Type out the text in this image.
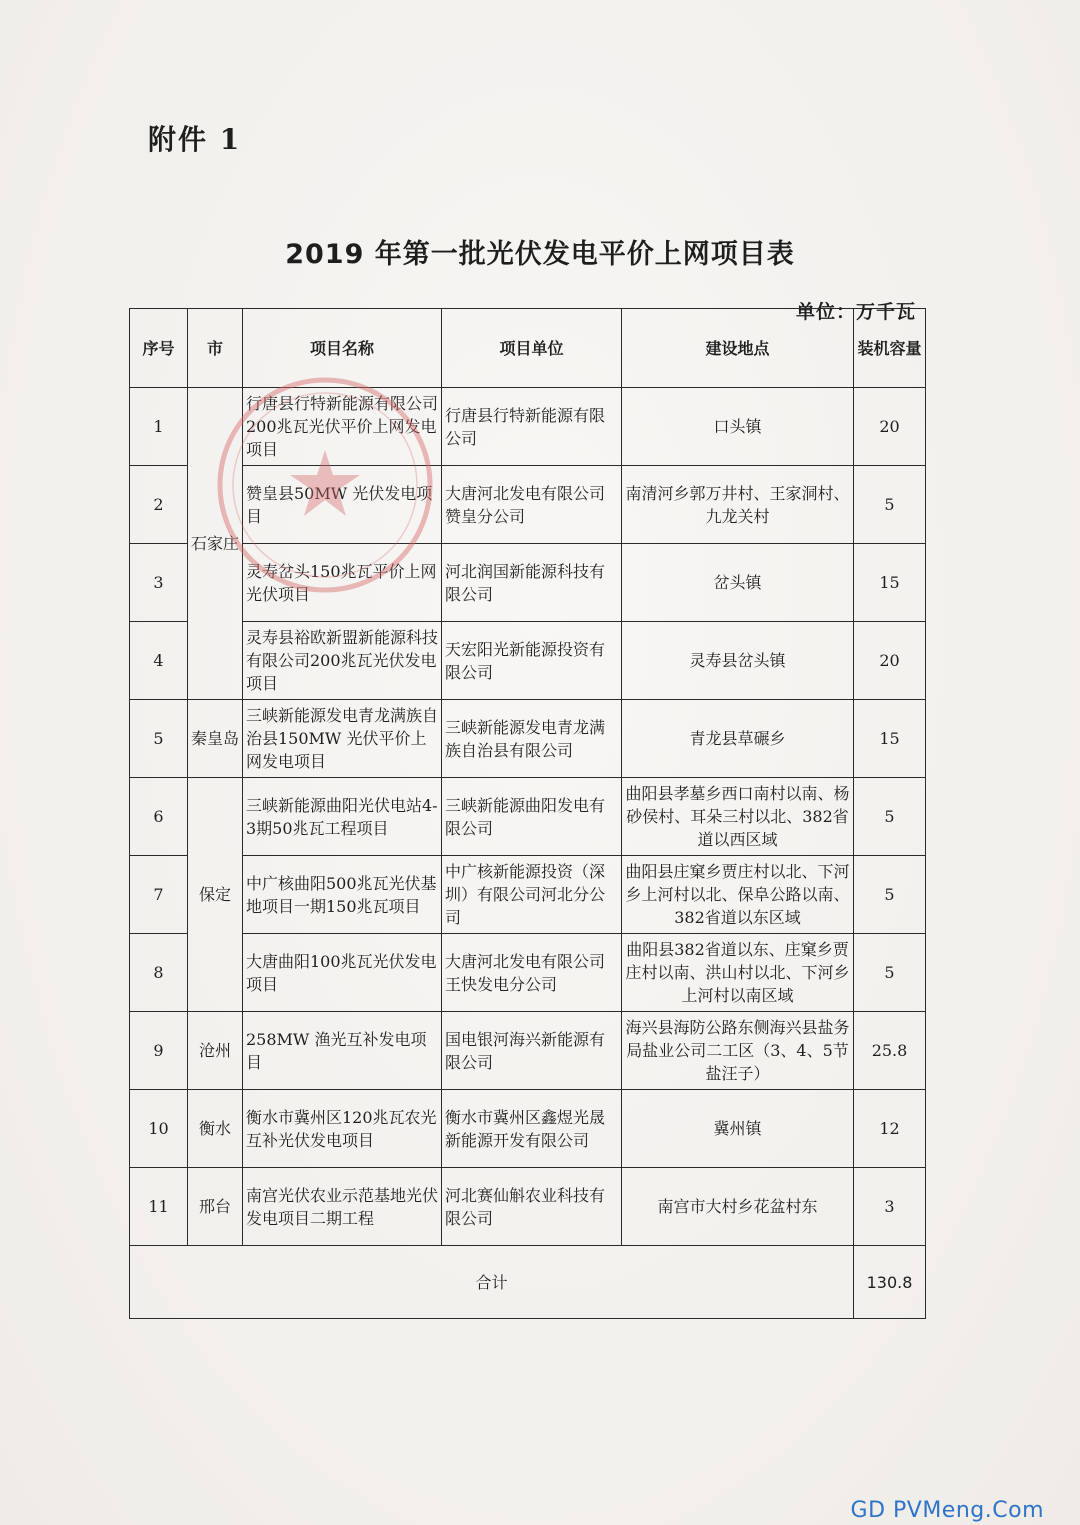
附件 1
2019 年第一批光伏发电平价上网项目表
单位：万千瓦
序号	市	项目名称	项目单位	建设地点	装机容量
1	石家庄	行唐县行特新能源有限公司200兆瓦光伏平价上网发电项目	行唐县行特新能源有限公司	口头镇	20
2		赞皇县50MW 光伏发电项目	大唐河北发电有限公司赞皇分公司	南清河乡郭万井村、王家洞村、九龙关村	5
3		灵寿岔头150兆瓦平价上网光伏项目	河北润国新能源科技有限公司	岔头镇	15
4		灵寿县裕欧新盟新能源科技有限公司200兆瓦光伏发电项目	天宏阳光新能源投资有限公司	灵寿县岔头镇	20
5	秦皇岛	三峡新能源发电青龙满族自治县150MW 光伏平价上网发电项目	三峡新能源发电青龙满族自治县有限公司	青龙县草碾乡	15
6	保定	三峡新能源曲阳光伏电站4-3期50兆瓦工程项目	三峡新能源曲阳发电有限公司	曲阳县孝墓乡西口南村以南、杨砂侯村、耳朵三村以北、382省道以西区域	5
7		中广核曲阳500兆瓦光伏基地项目一期150兆瓦项目	中广核新能源投资（深圳）有限公司河北分公司	曲阳县庄窠乡贾庄村以北、下河乡上河村以北、保阜公路以南、382省道以东区域	5
8		大唐曲阳100兆瓦光伏发电项目	大唐河北发电有限公司王快发电分公司	曲阳县382省道以东、庄窠乡贾庄村以南、洪山村以北、下河乡上河村以南区域	5
9	沧州	258MW 渔光互补发电项目	国电银河海兴新能源有限公司	海兴县海防公路东侧海兴县盐务局盐业公司二工区（3、4、5节盐汪子）	25.8
10	衡水	衡水市冀州区120兆瓦农光互补光伏发电项目	衡水市冀州区鑫煜光晟新能源开发有限公司	冀州镇	12
11	邢台	南宫光伏农业示范基地光伏发电项目二期工程	河北赛仙斛农业科技有限公司	南宫市大村乡花盆村东	3
合计					130.8
GD PVMeng.Com
